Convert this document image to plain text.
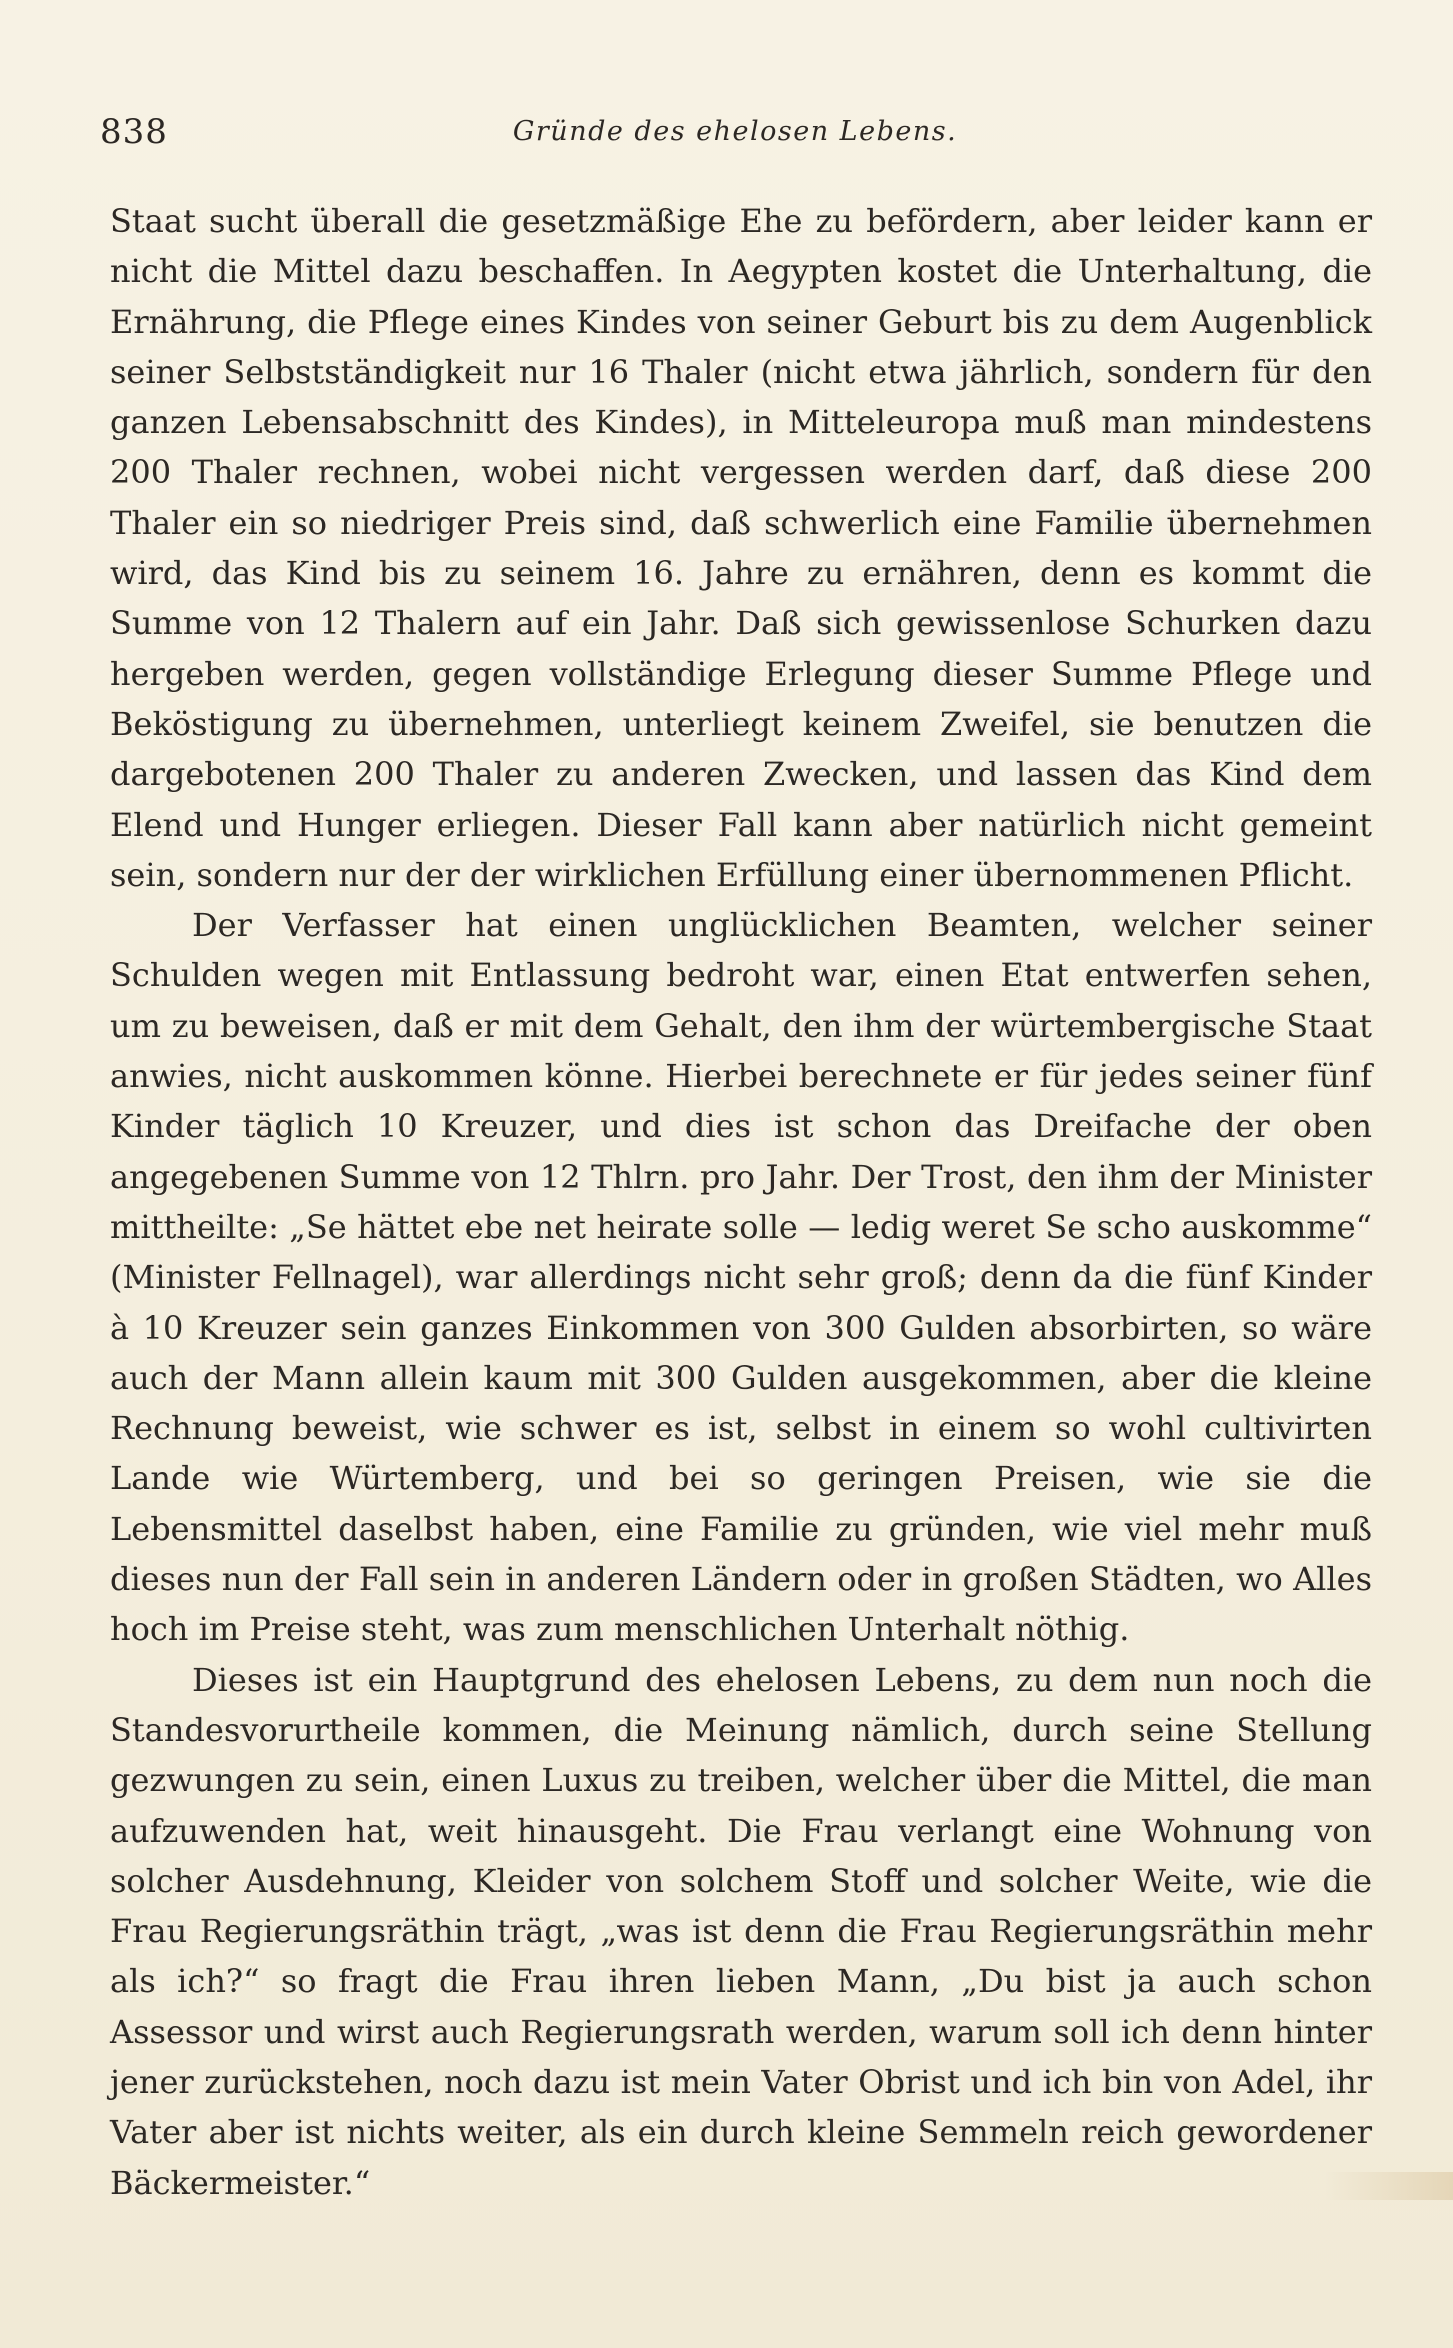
838	Gründe des ehelosen Lebens.

Staat sucht überall die gesetzmäßige Ehe zu befördern, aber leider kann er nicht die Mittel dazu beschaffen. In Aegypten kostet die Unterhaltung, die Ernährung, die Pflege eines Kindes von seiner Geburt bis zu dem Augenblick seiner Selbstständigkeit nur 16 Thaler (nicht etwa jährlich, sondern für den ganzen Lebensabschnitt des Kindes), in Mitteleuropa muß man mindestens 200 Thaler rechnen, wobei nicht vergessen werden darf, daß diese 200 Thaler ein so niedriger Preis sind, daß schwerlich eine Familie übernehmen wird, das Kind bis zu seinem 16. Jahre zu ernähren, denn es kommt die Summe von 12 Thalern auf ein Jahr. Daß sich gewissenlose Schurken dazu hergeben werden, gegen vollständige Erlegung dieser Summe Pflege und Beköstigung zu übernehmen, unterliegt keinem Zweifel, sie benutzen die dargebotenen 200 Thaler zu anderen Zwecken, und lassen das Kind dem Elend und Hunger erliegen. Dieser Fall kann aber natürlich nicht gemeint sein, sondern nur der der wirklichen Erfüllung einer übernommenen Pflicht.

Der Verfasser hat einen unglücklichen Beamten, welcher seiner Schulden wegen mit Entlassung bedroht war, einen Etat entwerfen sehen, um zu beweisen, daß er mit dem Gehalt, den ihm der würtembergische Staat anwies, nicht auskommen könne. Hierbei berechnete er für jedes seiner fünf Kinder täglich 10 Kreuzer, und dies ist schon das Dreifache der oben angegebenen Summe von 12 Thlrn. pro Jahr. Der Trost, den ihm der Minister mittheilte: „Se hättet ebe net heirate solle — ledig weret Se scho auskomme“ (Minister Fellnagel), war allerdings nicht sehr groß; denn da die fünf Kinder à 10 Kreuzer sein ganzes Einkommen von 300 Gulden absorbirten, so wäre auch der Mann allein kaum mit 300 Gulden ausgekommen, aber die kleine Rechnung beweist, wie schwer es ist, selbst in einem so wohl cultivirten Lande wie Würtemberg, und bei so geringen Preisen, wie sie die Lebensmittel daselbst haben, eine Familie zu gründen, wie viel mehr muß dieses nun der Fall sein in anderen Ländern oder in großen Städten, wo Alles hoch im Preise steht, was zum menschlichen Unterhalt nöthig.

Dieses ist ein Hauptgrund des ehelosen Lebens, zu dem nun noch die Standesvorurtheile kommen, die Meinung nämlich, durch seine Stellung gezwungen zu sein, einen Luxus zu treiben, welcher über die Mittel, die man aufzuwenden hat, weit hinausgeht. Die Frau verlangt eine Wohnung von solcher Ausdehnung, Kleider von solchem Stoff und solcher Weite, wie die Frau Regierungsräthin trägt, „was ist denn die Frau Regierungsräthin mehr als ich?“ so fragt die Frau ihren lieben Mann, „Du bist ja auch schon Assessor und wirst auch Regierungsrath werden, warum soll ich denn hinter jener zurückstehen, noch dazu ist mein Vater Obrist und ich bin von Adel, ihr Vater aber ist nichts weiter, als ein durch kleine Semmeln reich gewordener Bäckermeister.“
